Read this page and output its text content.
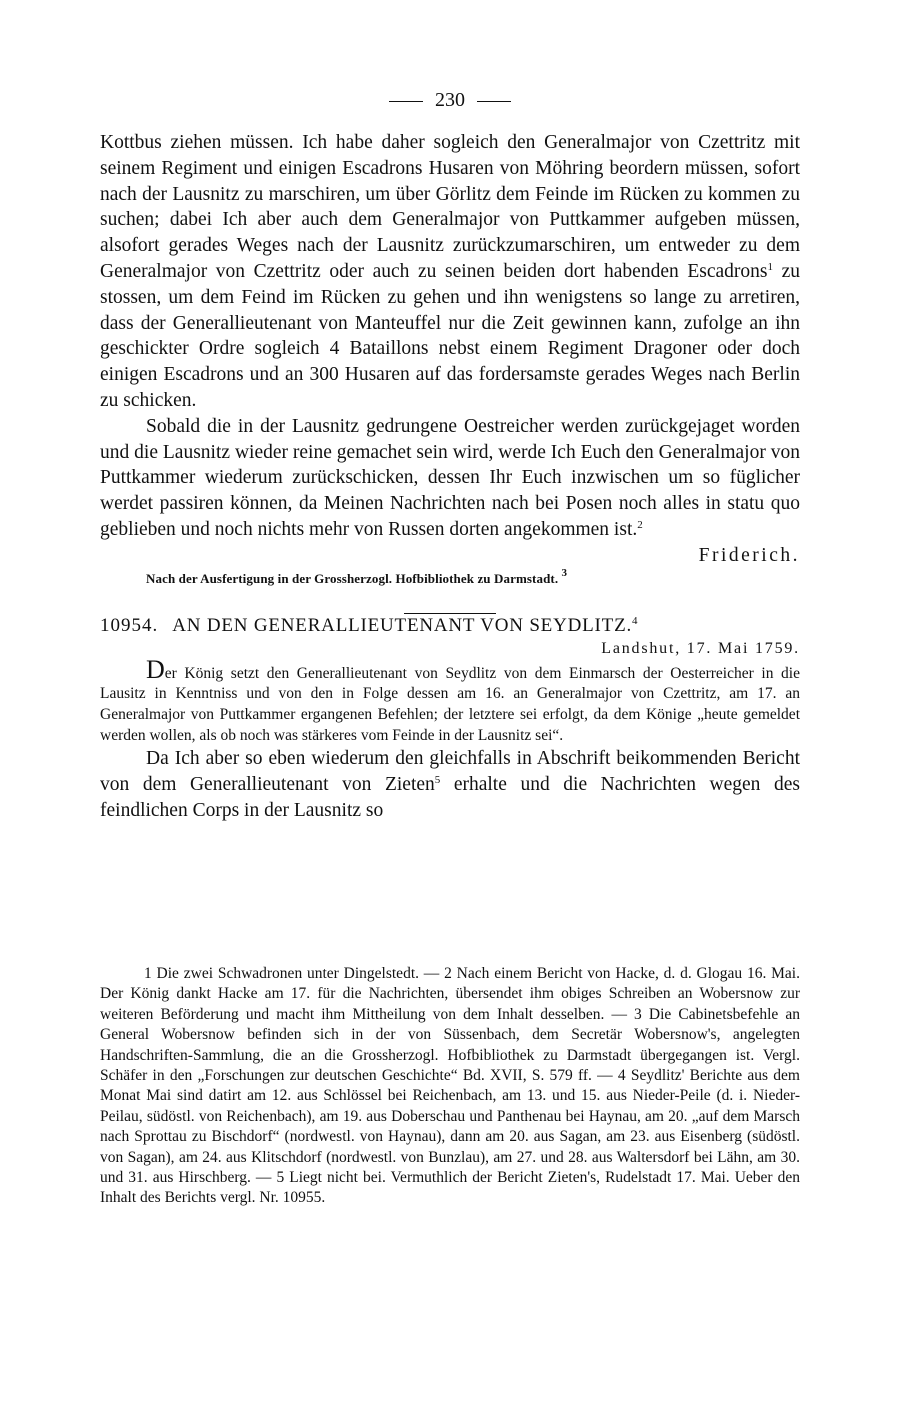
230

Kottbus ziehen müssen. Ich habe daher sogleich den Generalmajor von Czettritz mit seinem Regiment und einigen Escadrons Husaren von Möhring beordern müssen, sofort nach der Lausnitz zu marschiren, um über Görlitz dem Feinde im Rücken zu kommen zu suchen; dabei Ich aber auch dem Generalmajor von Puttkammer aufgeben müssen, alsofort gerades Weges nach der Lausnitz zurückzumarschiren, um entweder zu dem Generalmajor von Czettritz oder auch zu seinen beiden dort habenden Escadrons$^1$ zu stossen, um dem Feind im Rücken zu gehen und ihn wenigstens so lange zu arretiren, dass der Generallieutenant von Manteuffel nur die Zeit gewinnen kann, zufolge an ihn geschickter Ordre sogleich 4 Bataillons nebst einem Regiment Dragoner oder doch einigen Escadrons und an 300 Husaren auf das fordersamste gerades Weges nach Berlin zu schicken.

Sobald die in der Lausnitz gedrungene Oestreicher werden zurückgejaget worden und die Lausnitz wieder reine gemachet sein wird, werde Ich Euch den Generalmajor von Puttkammer wiederum zurückschicken, dessen Ihr Euch inzwischen um so füglicher werdet passiren können, da Meinen Nachrichten nach bei Posen noch alles in statu quo geblieben und noch nichts mehr von Russen dorten angekommen ist.$^2$

Friderich.

Nach der Ausfertigung in der Grossherzogl. Hofbibliothek zu Darmstadt. $^3$

10954. AN DEN GENERALLIEUTENANT VON SEYDLITZ.$^4$

Landshut, 17. Mai 1759.

Der König setzt den Generallieutenant von Seydlitz von dem Einmarsch der Oesterreicher in die Lausitz in Kenntniss und von den in Folge dessen am 16. an Generalmajor von Czettritz, am 17. an Generalmajor von Puttkammer ergangenen Befehlen; der letztere sei erfolgt, da dem Könige „heute gemeldet werden wollen, als ob noch was stärkeres vom Feinde in der Lausnitz sei“.

Da Ich aber so eben wiederum den gleichfalls in Abschrift beikommenden Bericht von dem Generallieutenant von Zieten$^5$ erhalte und die Nachrichten wegen des feindlichen Corps in der Lausnitz so

1 Die zwei Schwadronen unter Dingelstedt. — 2 Nach einem Bericht von Hacke, d. d. Glogau 16. Mai. Der König dankt Hacke am 17. für die Nachrichten, übersendet ihm obiges Schreiben an Wobersnow zur weiteren Beförderung und macht ihm Mittheilung von dem Inhalt desselben. — 3 Die Cabinetsbefehle an General Wobersnow befinden sich in der von Süssenbach, dem Secretär Wobersnow's, angelegten Handschriften-Sammlung, die an die Grossherzogl. Hofbibliothek zu Darmstadt übergegangen ist. Vergl. Schäfer in den „Forschungen zur deutschen Geschichte“ Bd. XVII, S. 579 ff. — 4 Seydlitz' Berichte aus dem Monat Mai sind datirt am 12. aus Schlössel bei Reichenbach, am 13. und 15. aus Nieder-Peile (d. i. Nieder-Peilau, südöstl. von Reichenbach), am 19. aus Doberschau und Panthenau bei Haynau, am 20. „auf dem Marsch nach Sprottau zu Bischdorf“ (nordwestl. von Haynau), dann am 20. aus Sagan, am 23. aus Eisenberg (südöstl. von Sagan), am 24. aus Klitschdorf (nordwestl. von Bunzlau), am 27. und 28. aus Waltersdorf bei Lähn, am 30. und 31. aus Hirschberg. — 5 Liegt nicht bei. Vermuthlich der Bericht Zieten's, Rudelstadt 17. Mai. Ueber den Inhalt des Berichts vergl. Nr. 10955.
